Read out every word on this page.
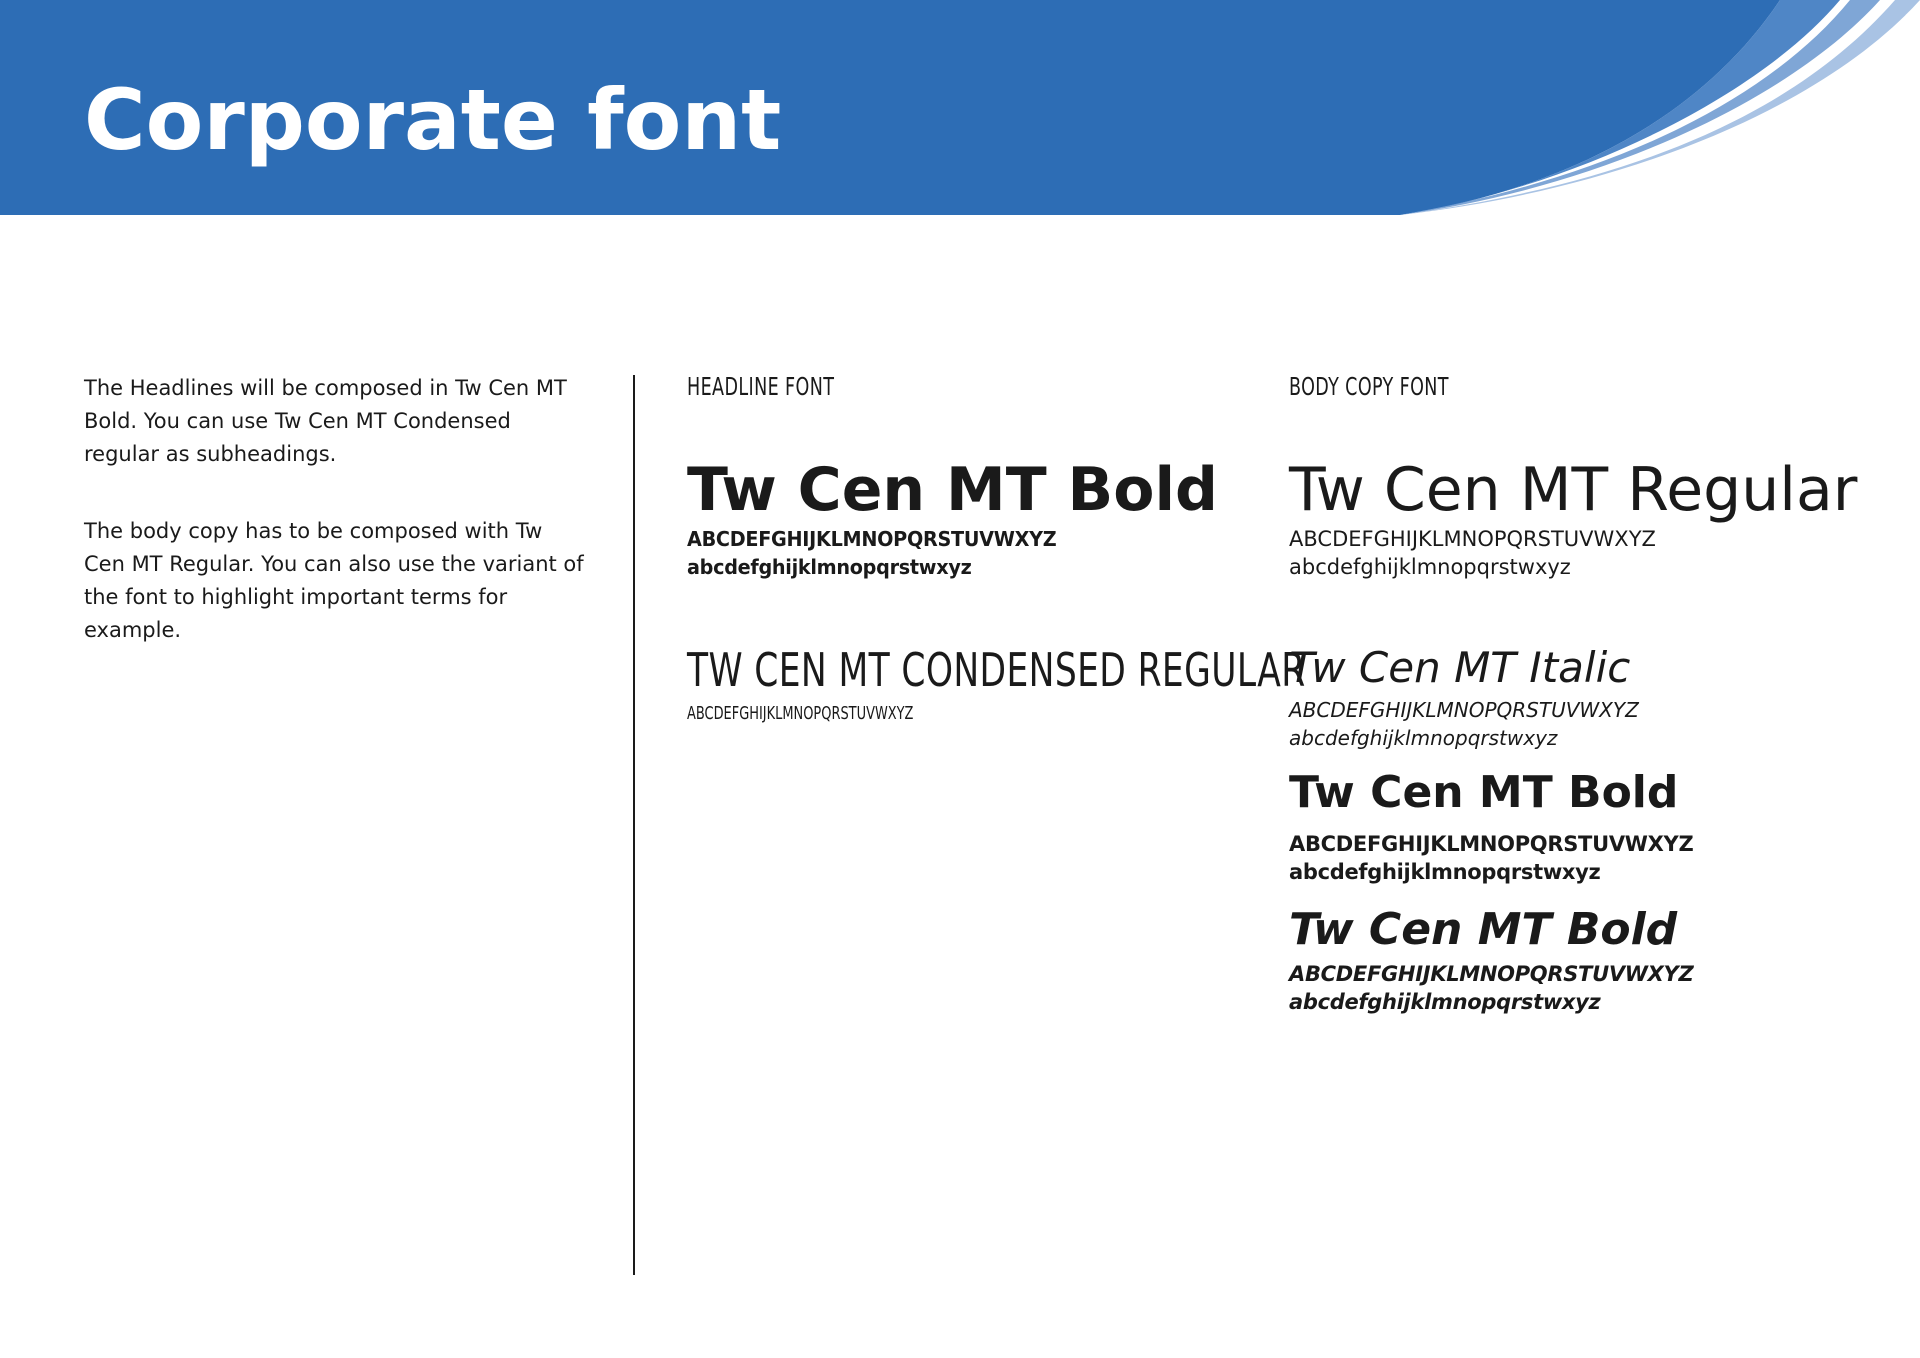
Corporate font

The Headlines will be composed in Tw Cen MT Bold. You can use Tw Cen MT Condensed regular as subheadings.

The body copy has to be composed with Tw Cen MT Regular. You can also use the variant of the font to highlight important terms for example.

HEADLINE FONT
Tw Cen MT Bold
ABCDEFGHIJKLMNOPQRSTUVWXYZ
abcdefghijklmnopqrstwxyz
TW CEN MT CONDENSED REGULAR
ABCDEFGHIJKLMNOPQRSTUVWXYZ
BODY COPY FONT
Tw Cen MT Regular
ABCDEFGHIJKLMNOPQRSTUVWXYZ
abcdefghijklmnopqrstwxyz
Tw Cen MT Italic
ABCDEFGHIJKLMNOPQRSTUVWXYZ
abcdefghijklmnopqrstwxyz
Tw Cen MT Bold
ABCDEFGHIJKLMNOPQRSTUVWXYZ
abcdefghijklmnopqrstwxyz
Tw Cen MT Bold
ABCDEFGHIJKLMNOPQRSTUVWXYZ
abcdefghijklmnopqrstwxyz
